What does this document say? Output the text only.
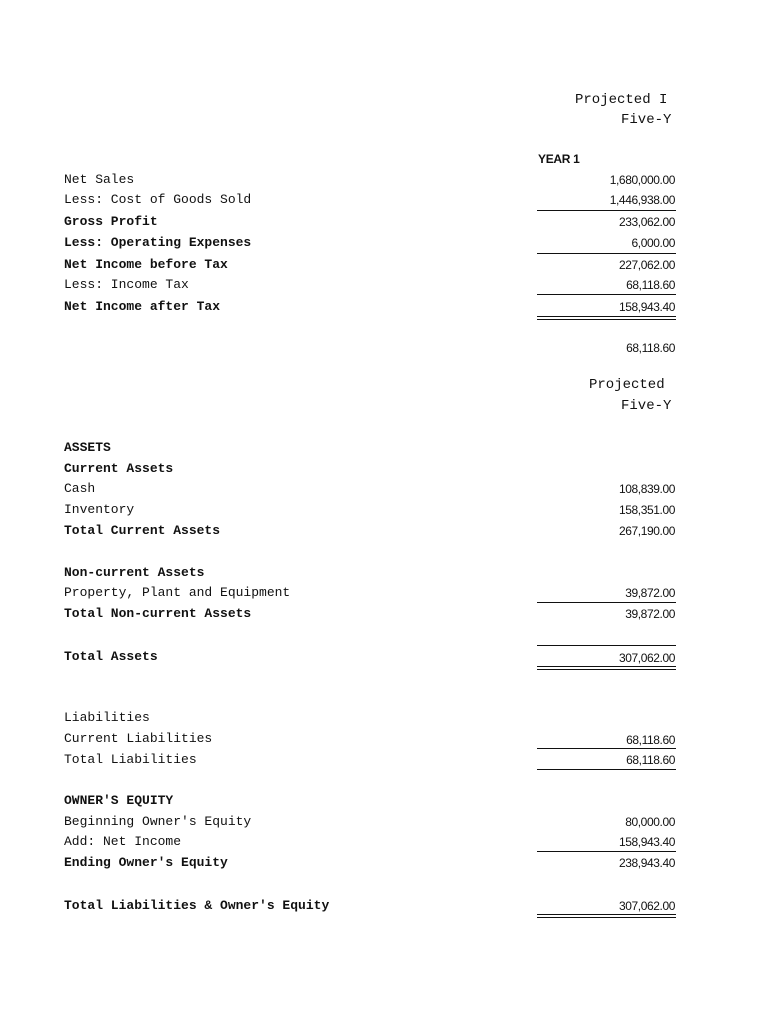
Projected I
Five-Y
YEAR 1
Net Sales	1,680,000.00
Less: Cost of Goods Sold	1,446,938.00
Gross Profit	233,062.00
Less: Operating Expenses	6,000.00
Net Income before Tax	227,062.00
Less: Income Tax	68,118.60
Net Income after Tax	158,943.40
68,118.60
Projected
Five-Y
ASSETS
Current Assets
Cash	108,839.00
Inventory	158,351.00
Total Current Assets	267,190.00
Non-current Assets
Property, Plant and Equipment	39,872.00
Total Non-current Assets	39,872.00
Total Assets	307,062.00
Liabilities
Current Liabilities	68,118.60
Total Liabilities	68,118.60
OWNER'S EQUITY
Beginning Owner's Equity	80,000.00
Add: Net Income	158,943.40
Ending Owner's Equity	238,943.40
Total Liabilities & Owner's Equity	307,062.00
